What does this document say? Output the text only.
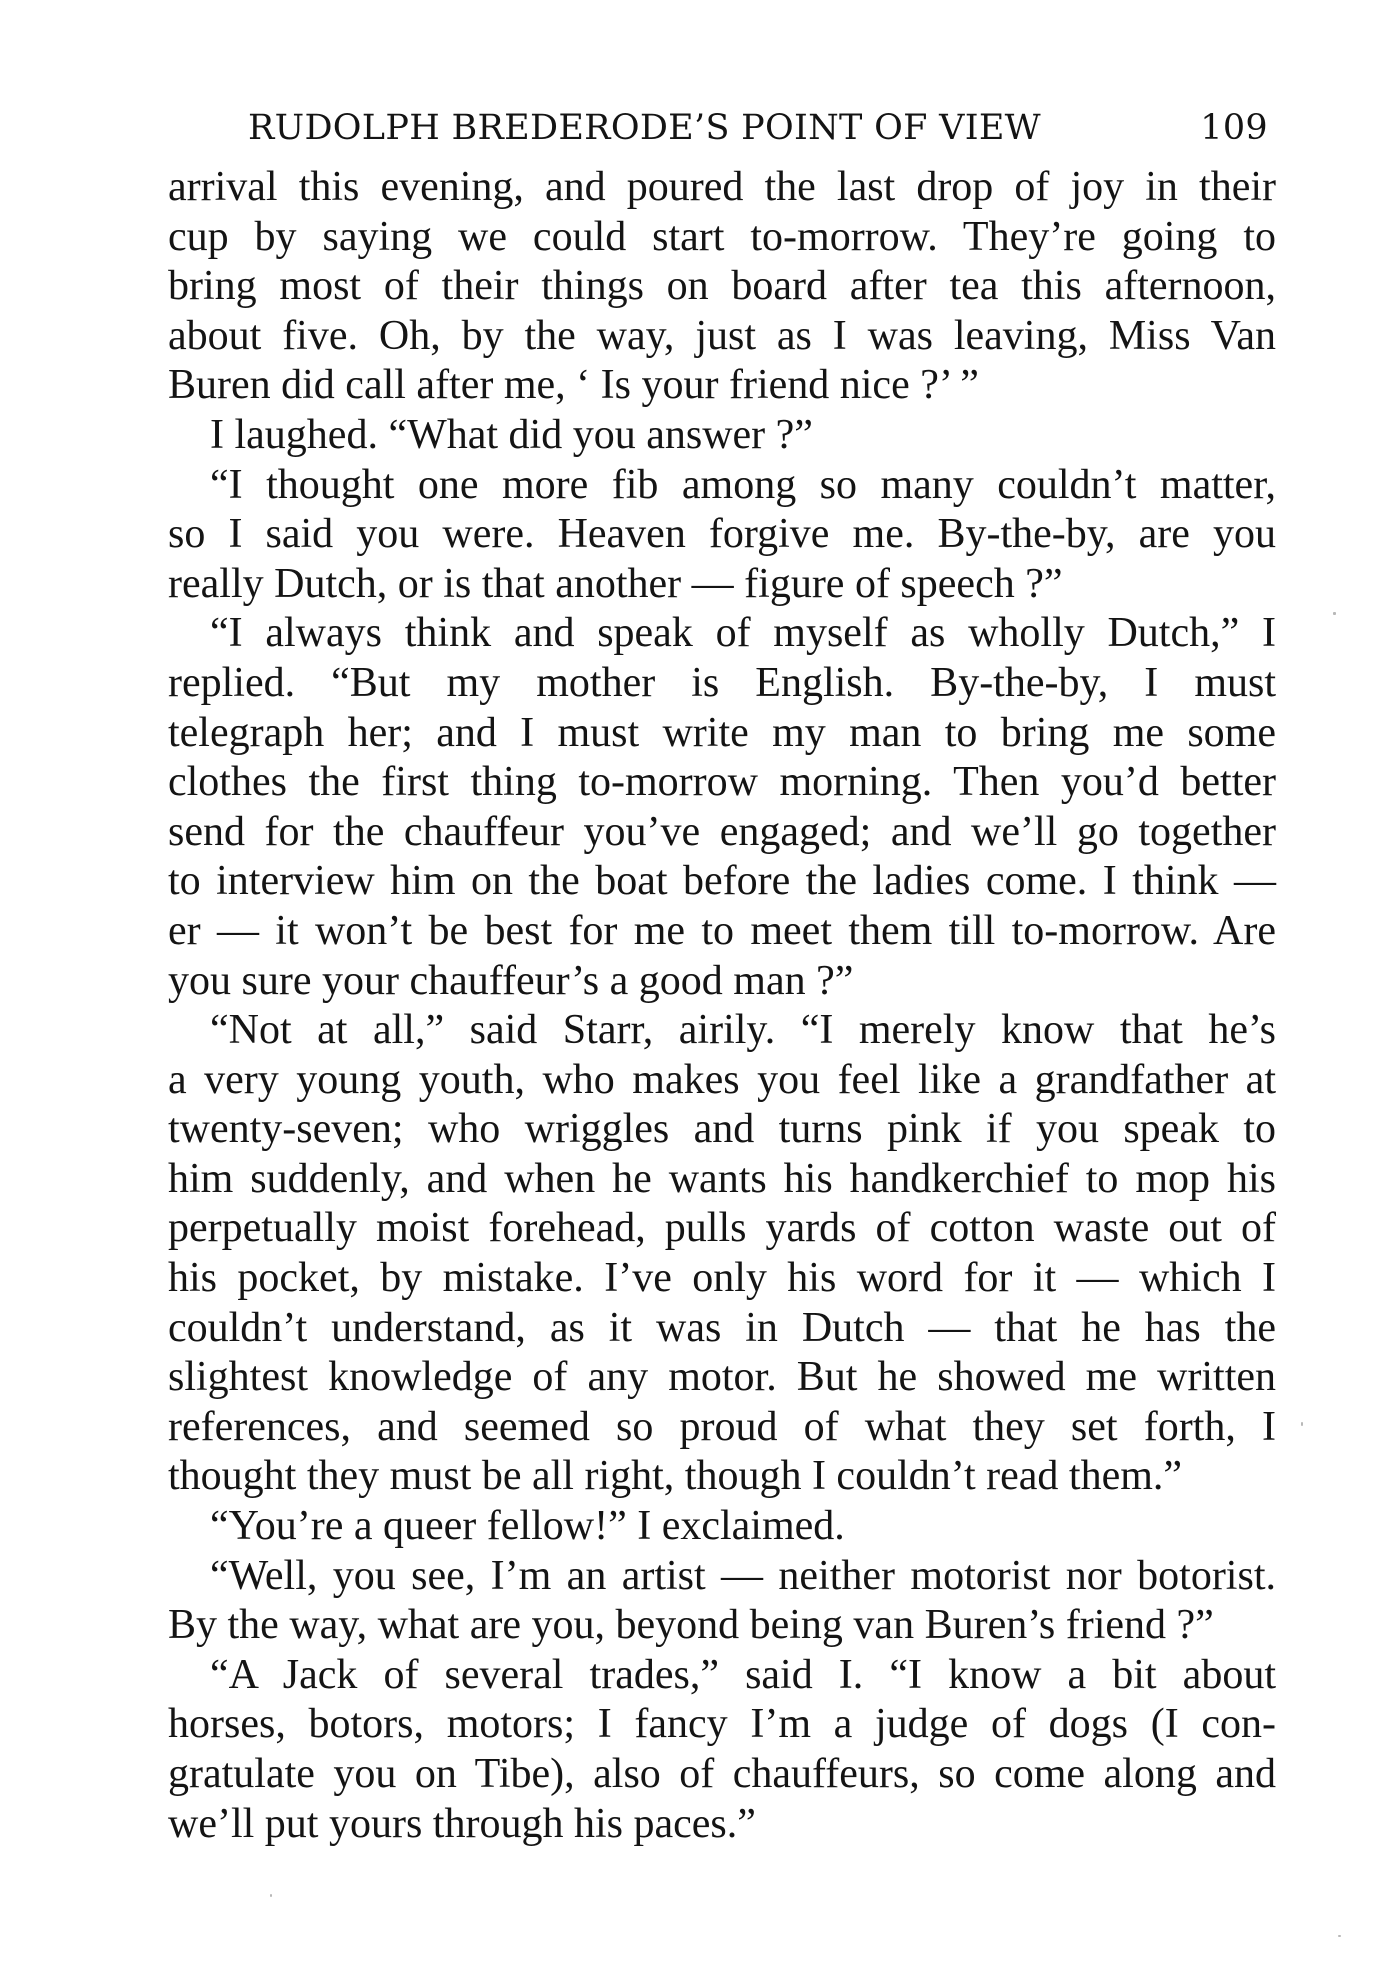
RUDOLPH BREDERODE’S POINT OF VIEW	109
arrival this evening, and poured the last drop of joy in their
cup by saying we could start to-morrow. They’re going to
bring most of their things on board after tea this afternoon,
about five. Oh, by the way, just as I was leaving, Miss Van
Buren did call after me, ‘ Is your friend nice ?’ ”
I laughed. “What did you answer ?”
“I thought one more fib among so many couldn’t matter,
so I said you were. Heaven forgive me. By-the-by, are you
really Dutch, or is that another — figure of speech ?”
“I always think and speak of myself as wholly Dutch,” I
replied. “But my mother is English. By-the-by, I must
telegraph her; and I must write my man to bring me some
clothes the first thing to-morrow morning. Then you’d better
send for the chauffeur you’ve engaged; and we’ll go together
to interview him on the boat before the ladies come. I think —
er — it won’t be best for me to meet them till to-morrow. Are
you sure your chauffeur’s a good man ?”
“Not at all,” said Starr, airily. “I merely know that he’s
a very young youth, who makes you feel like a grandfather at
twenty-seven; who wriggles and turns pink if you speak to
him suddenly, and when he wants his handkerchief to mop his
perpetually moist forehead, pulls yards of cotton waste out of
his pocket, by mistake. I’ve only his word for it — which I
couldn’t understand, as it was in Dutch — that he has the
slightest knowledge of any motor. But he showed me written
references, and seemed so proud of what they set forth, I
thought they must be all right, though I couldn’t read them.”
“You’re a queer fellow!” I exclaimed.
“Well, you see, I’m an artist — neither motorist nor botorist.
By the way, what are you, beyond being van Buren’s friend ?”
“A Jack of several trades,” said I. “I know a bit about
horses, botors, motors; I fancy I’m a judge of dogs (I con-
gratulate you on Tibe), also of chauffeurs, so come along and
we’ll put yours through his paces.”
